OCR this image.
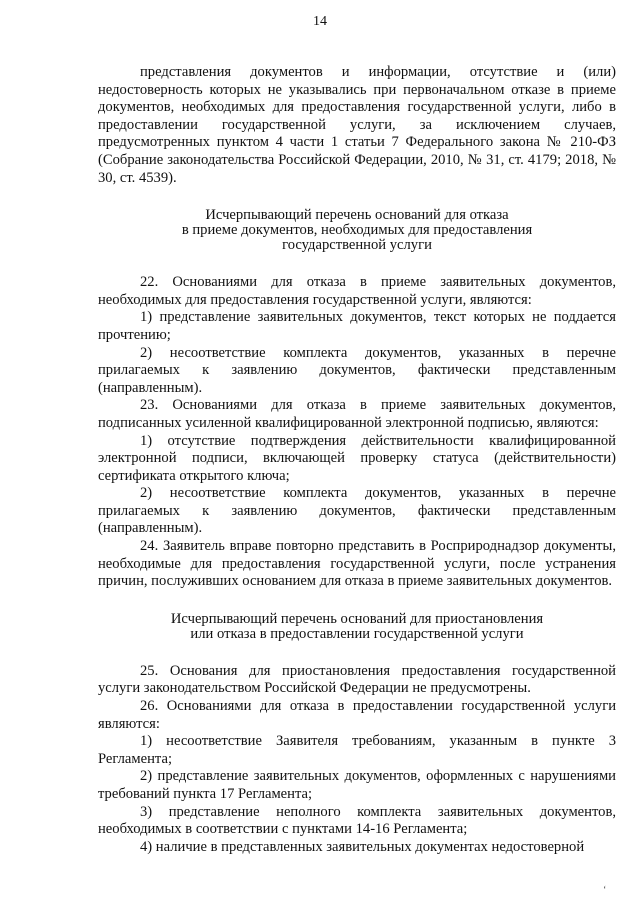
14

представления документов и информации, отсутствие и (или) недостоверность которых не указывались при первоначальном отказе в приеме документов, необходимых для предоставления государственной услуги, либо в предоставлении государственной услуги, за исключением случаев, предусмотренных пунктом 4 части 1 статьи 7 Федерального закона № 210-ФЗ (Собрание законодательства Российской Федерации, 2010, № 31, ст. 4179; 2018, № 30, ст. 4539).

Исчерпывающий перечень оснований для отказа
в приеме документов, необходимых для предоставления
государственной услуги

22. Основаниями для отказа в приеме заявительных документов, необходимых для предоставления государственной услуги, являются:

1) представление заявительных документов, текст которых не поддается прочтению;

2) несоответствие комплекта документов, указанных в перечне прилагаемых к заявлению документов, фактически представленным (направленным).

23. Основаниями для отказа в приеме заявительных документов, подписанных усиленной квалифицированной электронной подписью, являются:

1) отсутствие подтверждения действительности квалифицированной электронной подписи, включающей проверку статуса (действительности) сертификата открытого ключа;

2) несоответствие комплекта документов, указанных в перечне прилагаемых к заявлению документов, фактически представленным (направленным).

24. Заявитель вправе повторно представить в Росприроднадзор документы, необходимые для предоставления государственной услуги, после устранения причин, послуживших основанием для отказа в приеме заявительных документов.

Исчерпывающий перечень оснований для приостановления
или отказа в предоставлении государственной услуги

25. Основания для приостановления предоставления государственной услуги законодательством Российской Федерации не предусмотрены.

26. Основаниями для отказа в предоставлении государственной услуги являются:

1) несоответствие Заявителя требованиям, указанным в пункте 3 Регламента;

2) представление заявительных документов, оформленных с нарушениями требований пункта 17 Регламента;

3) представление неполного комплекта заявительных документов, необходимых в соответствии с пунктами 14-16 Регламента;

4) наличие в представленных заявительных документах недостоверной

ʻ
